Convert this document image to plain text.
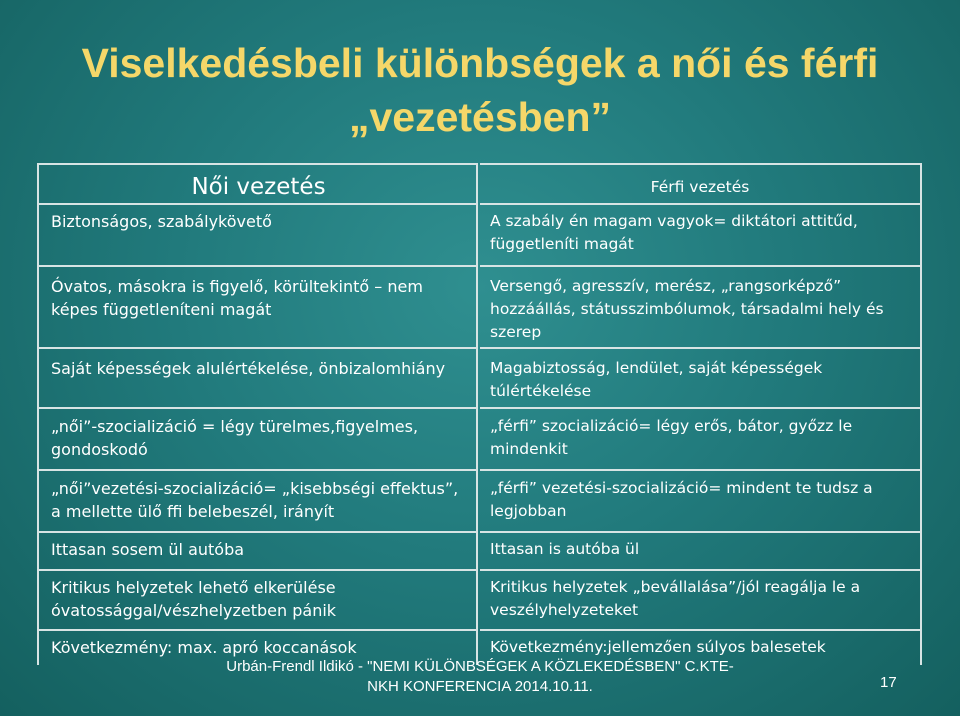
Viselkedésbeli különbségek a női és férfi
„vezetésben”
Női vezetés
Biztonságos, szabálykövető
Óvatos, másokra is figyelő, körültekintő – nem képes függetleníteni magát
Saját képességek alulértékelése, önbizalomhiány
„női”-szocializáció = légy türelmes,figyelmes, gondoskodó
„női”vezetési-szocializáció= „kisebbségi effektus”, a mellette ülő ffi belebeszél, irányít
Ittasan sosem ül autóba
Kritikus helyzetek lehető elkerülése óvatossággal/vészhelyzetben pánik
Következmény: max. apró koccanások
Férfi vezetés
A szabály én magam vagyok= diktátori attitűd, függetleníti magát
Versengő, agresszív, merész, „rangsorképző” hozzáállás, státusszimbólumok, társadalmi hely és szerep
Magabiztosság, lendület, saját képességek túlértékelése
„férfi” szocializáció= légy erős, bátor, győzz le mindenkit
„férfi” vezetési-szocializáció= mindent te tudsz a legjobban
Ittasan is autóba ül
Kritikus helyzetek „bevállalása”/jól reagálja le a veszélyhelyzeteket
Következmény:jellemzően súlyos balesetek
Urbán-Frendl Ildikó - "NEMI KÜLÖNBSÉGEK A KÖZLEKEDÉSBEN" C.KTE-
NKH KONFERENCIA 2014.10.11.	17
